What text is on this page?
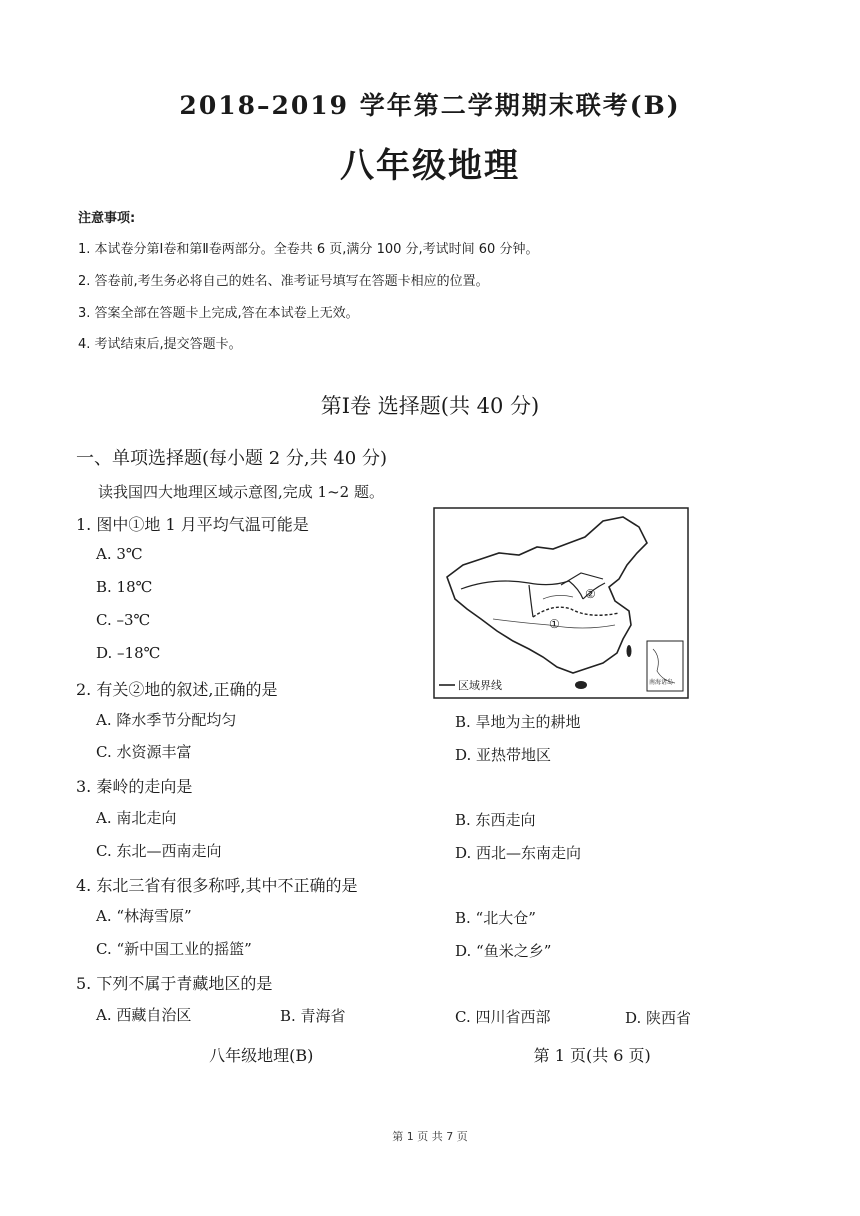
2018–2019 学年第二学期期末联考(B)
八年级地理
注意事项:
1. 本试卷分第Ⅰ卷和第Ⅱ卷两部分。全卷共 6 页,满分 100 分,考试时间 60 分钟。
2. 答卷前,考生务必将自己的姓名、准考证号填写在答题卡相应的位置。
3. 答案全部在答题卡上完成,答在本试卷上无效。
4. 考试结束后,提交答题卡。
第Ⅰ卷 选择题(共 40 分)
一、单项选择题(每小题 2 分,共 40 分)
读我国四大地理区域示意图,完成 1~2 题。
1. 图中①地 1 月平均气温可能是
A. 3℃
B. 18℃
C. –3℃
D. –18℃
①
②
区域界线	南海诸岛
2. 有关②地的叙述,正确的是
A. 降水季节分配均匀	B. 旱地为主的耕地
C. 水资源丰富	D. 亚热带地区
3. 秦岭的走向是
A. 南北走向	B. 东西走向
C. 东北—西南走向	D. 西北—东南走向
4. 东北三省有很多称呼,其中不正确的是
A. “林海雪原”	B. “北大仓”
C. “新中国工业的摇篮”	D. “鱼米之乡”
5. 下列不属于青藏地区的是
A. 西藏自治区	B. 青海省	C. 四川省西部	D. 陕西省
八年级地理(B)	第 1 页(共 6 页)
第 1 页 共 7 页
